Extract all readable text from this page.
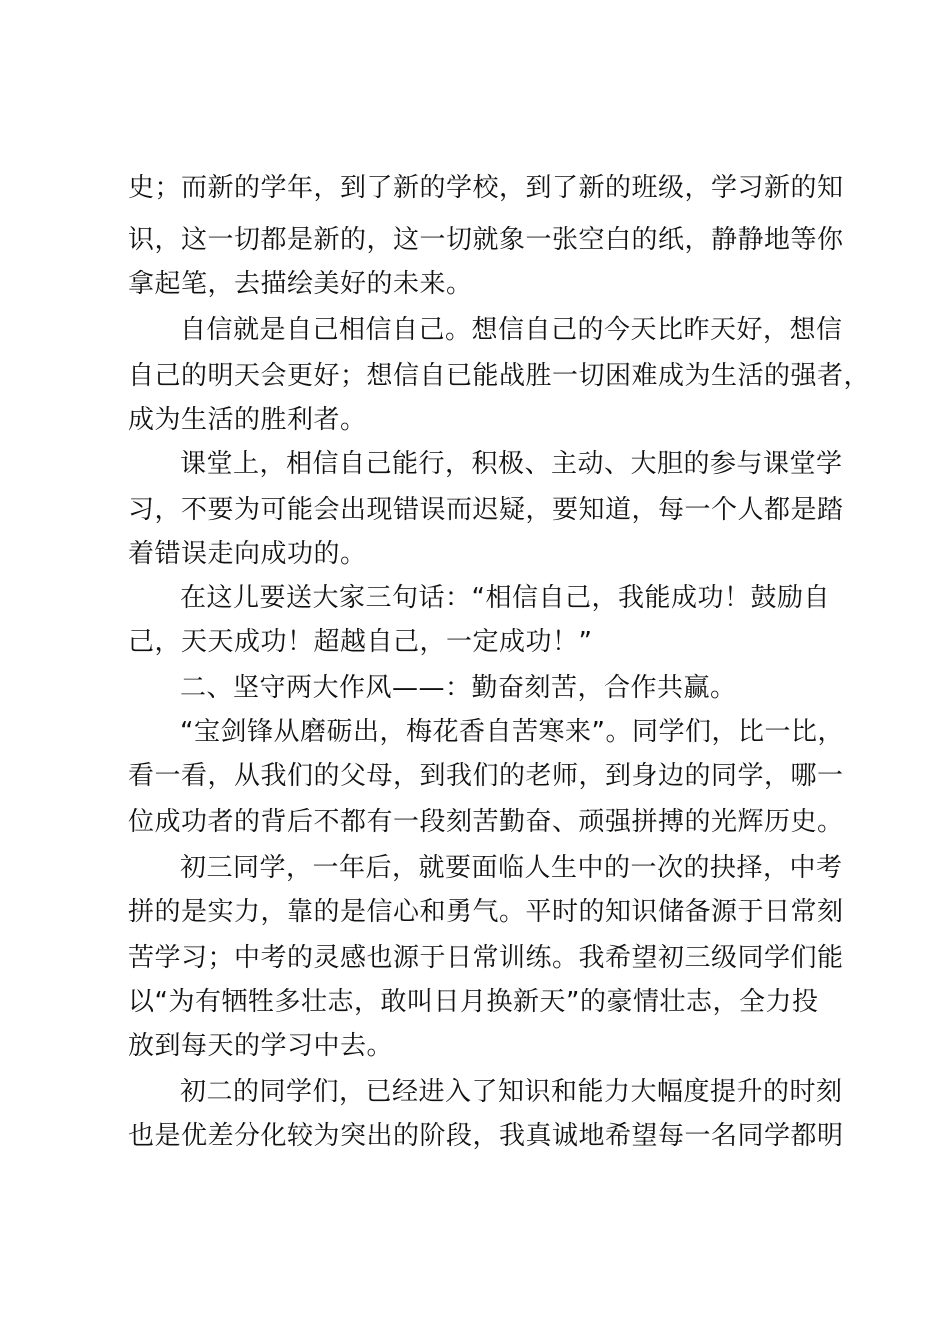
史；而新的学年，到了新的学校，到了新的班级，学习新的知
识，这一切都是新的，这一切就象一张空白的纸，静静地等你
拿起笔，去描绘美好的未来。
自信就是自己相信自己。想信自己的今天比昨天好，想信
自己的明天会更好；想信自已能战胜一切困难成为生活的强者，
成为生活的胜利者。
课堂上，相信自己能行，积极、主动、大胆的参与课堂学
习，不要为可能会出现错误而迟疑，要知道，每一个人都是踏
着错误走向成功的。
在这儿要送大家三句话：“相信自己，我能成功！鼓励自
己，天天成功！超越自己，一定成功！”
二、坚守两大作风——：勤奋刻苦，合作共赢。
“宝剑锋从磨砺出，梅花香自苦寒来”。同学们，比一比，
看一看，从我们的父母，到我们的老师，到身边的同学，哪一
位成功者的背后不都有一段刻苦勤奋、顽强拼搏的光辉历史。
初三同学，一年后，就要面临人生中的一次的抉择，中考
拼的是实力，靠的是信心和勇气。平时的知识储备源于日常刻
苦学习；中考的灵感也源于日常训练。我希望初三级同学们能
以“为有牺牲多壮志，敢叫日月换新天”的豪情壮志，全力投
放到每天的学习中去。
初二的同学们，已经进入了知识和能力大幅度提升的时刻
也是优差分化较为突出的阶段，我真诚地希望每一名同学都明
